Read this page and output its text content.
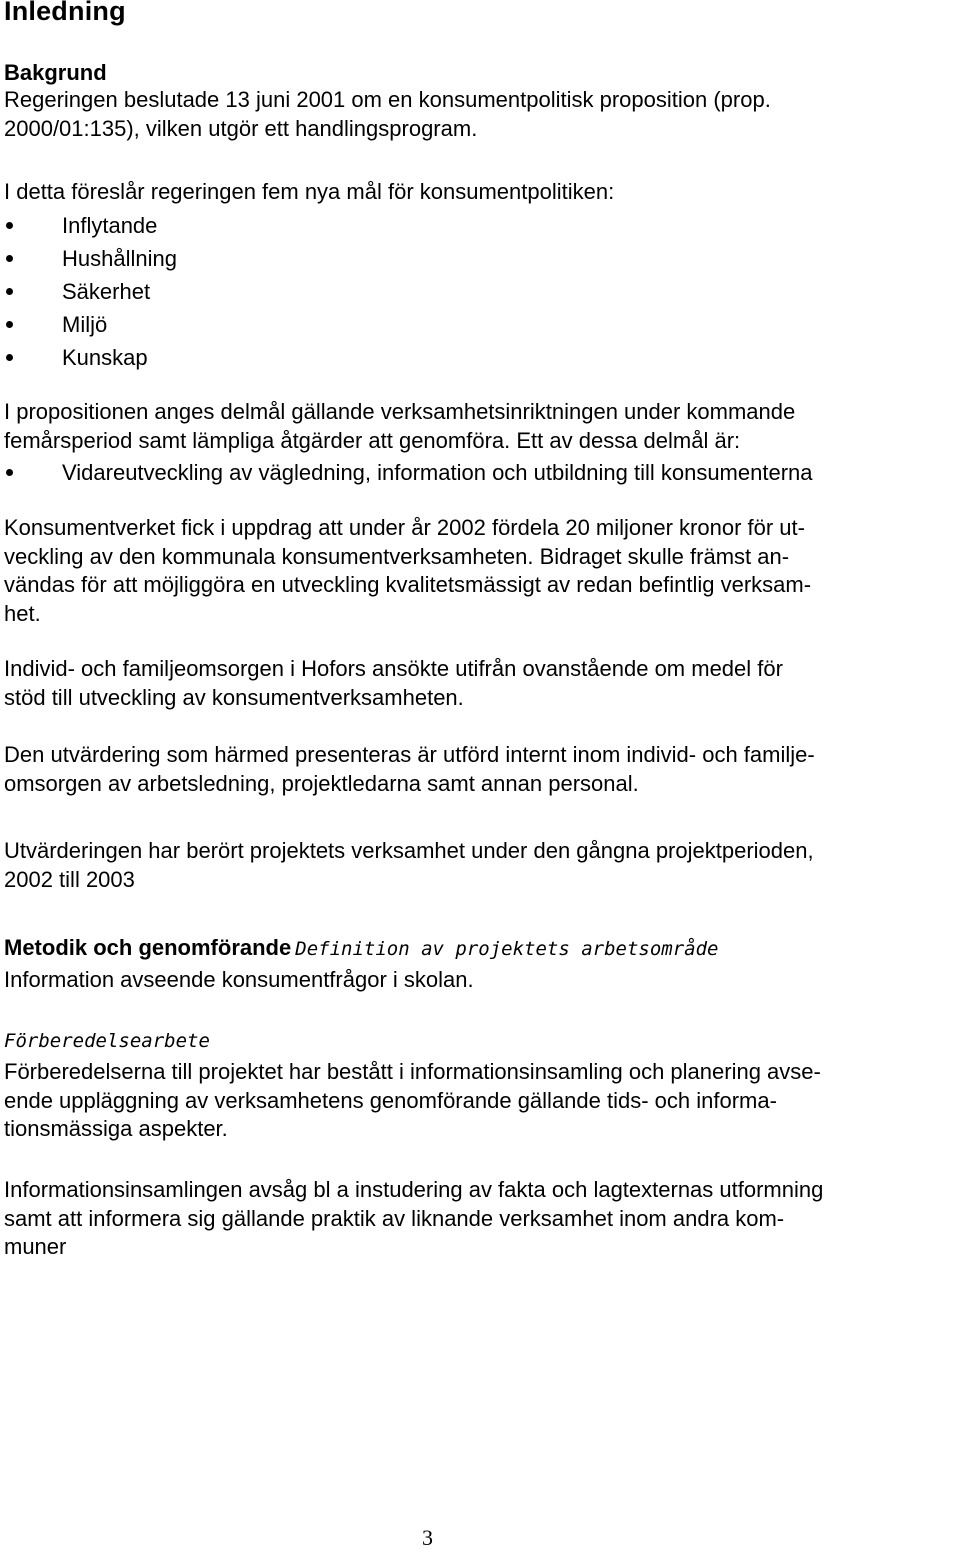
Inledning
Bakgrund
Regeringen beslutade 13 juni 2001 om en konsumentpolitisk proposition (prop.
2000/01:135), vilken utgör ett handlingsprogram.
I detta föreslår regeringen fem nya mål för konsumentpolitiken:
Inflytande
Hushållning
Säkerhet
Miljö
Kunskap
I propositionen anges delmål gällande verksamhetsinriktningen under kommande
femårsperiod samt lämpliga åtgärder att genomföra. Ett av dessa delmål är:
Vidareutveckling av vägledning, information och utbildning till konsumenterna
Konsumentverket fick i uppdrag att under år 2002 fördela 20 miljoner kronor för ut-
veckling av den kommunala konsumentverksamheten. Bidraget skulle främst an-
vändas för att möjliggöra en utveckling kvalitetsmässigt av redan befintlig verksam-
het.
Individ- och familjeomsorgen i Hofors ansökte utifrån ovanstående om medel för
stöd till utveckling av konsumentverksamheten.
Den utvärdering som härmed presenteras är utförd internt inom individ- och familje-
omsorgen av arbetsledning, projektledarna samt annan personal.
Utvärderingen har berört projektets verksamhet under den gångna projektperioden,
2002 till 2003
Metodik och genomförande Definition av projektets arbetsområde
Information avseende konsumentfrågor i skolan.
Förberedelsearbete
Förberedelserna till projektet har bestått i informationsinsamling och planering avse-
ende uppläggning av verksamhetens genomförande gällande tids- och informa-
tionsmässiga aspekter.
Informationsinsamlingen avsåg bl a instudering av fakta och lagtexternas utformning
samt att informera sig gällande praktik av liknande verksamhet inom andra kom-
muner
3
